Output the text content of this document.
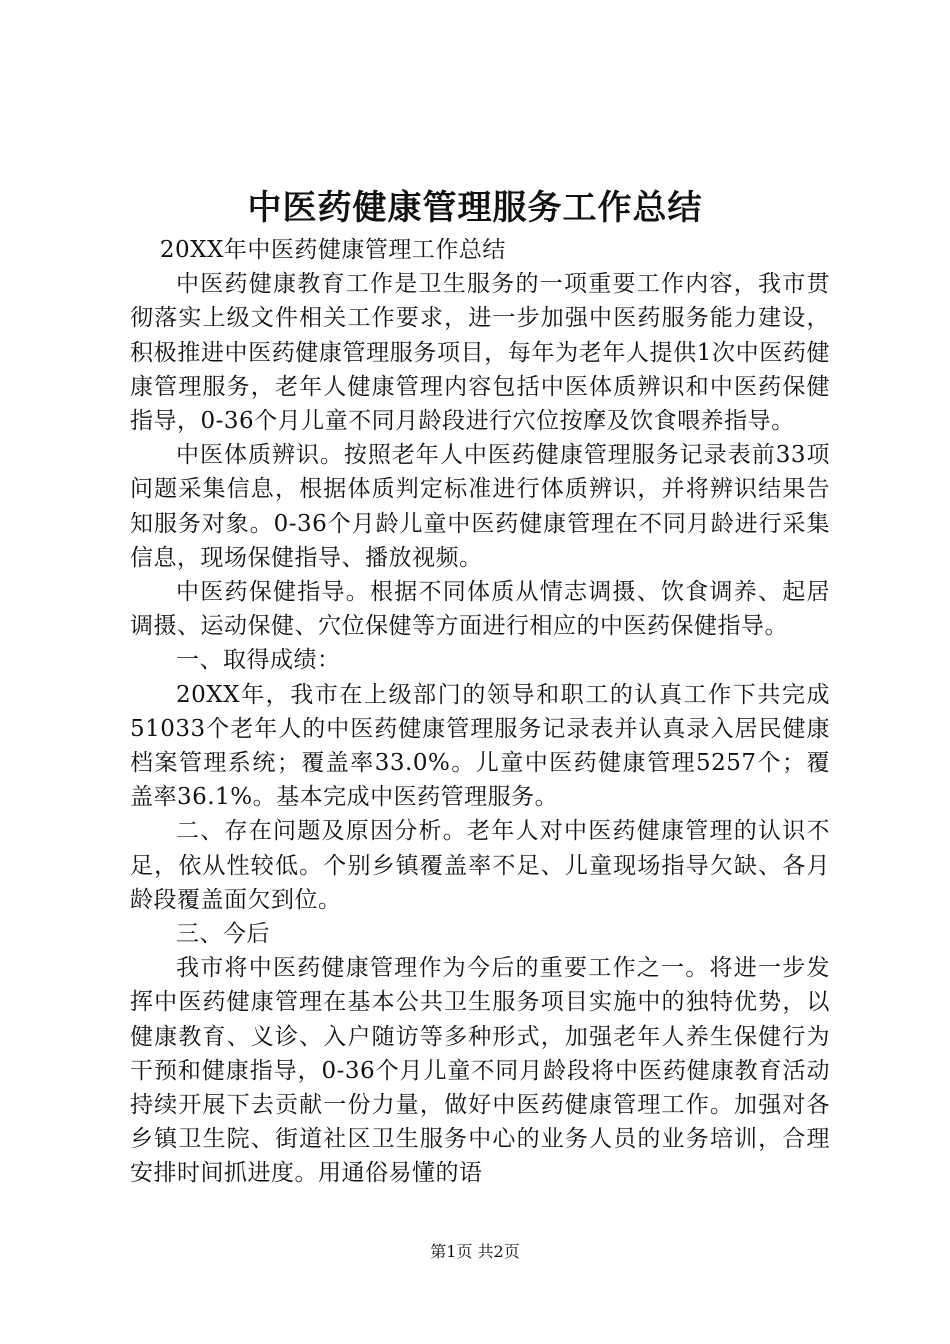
中医药健康管理服务工作总结

20XX年中医药健康管理工作总结

中医药健康教育工作是卫生服务的一项重要工作内容，我市贯彻落实上级文件相关工作要求，进一步加强中医药服务能力建设，积极推进中医药健康管理服务项目，每年为老年人提供1次中医药健康管理服务，老年人健康管理内容包括中医体质辨识和中医药保健指导，0-36个月儿童不同月龄段进行穴位按摩及饮食喂养指导。

中医体质辨识。按照老年人中医药健康管理服务记录表前33项问题采集信息，根据体质判定标准进行体质辨识，并将辨识结果告知服务对象。0-36个月龄儿童中医药健康管理在不同月龄进行采集信息，现场保健指导、播放视频。

中医药保健指导。根据不同体质从情志调摄、饮食调养、起居调摄、运动保健、穴位保健等方面进行相应的中医药保健指导。

一、取得成绩：

20XX年，我市在上级部门的领导和职工的认真工作下共完成51033个老年人的中医药健康管理服务记录表并认真录入居民健康档案管理系统；覆盖率33.0%。儿童中医药健康管理5257个；覆盖率36.1%。基本完成中医药管理服务。

二、存在问题及原因分析。老年人对中医药健康管理的认识不足，依从性较低。个别乡镇覆盖率不足、儿童现场指导欠缺、各月龄段覆盖面欠到位。

三、今后

我市将中医药健康管理作为今后的重要工作之一。将进一步发挥中医药健康管理在基本公共卫生服务项目实施中的独特优势，以健康教育、义诊、入户随访等多种形式，加强老年人养生保健行为干预和健康指导，0-36个月儿童不同月龄段将中医药健康教育活动持续开展下去贡献一份力量，做好中医药健康管理工作。加强对各乡镇卫生院、街道社区卫生服务中心的业务人员的业务培训，合理安排时间抓进度。用通俗易懂的语

第1页 共2页
